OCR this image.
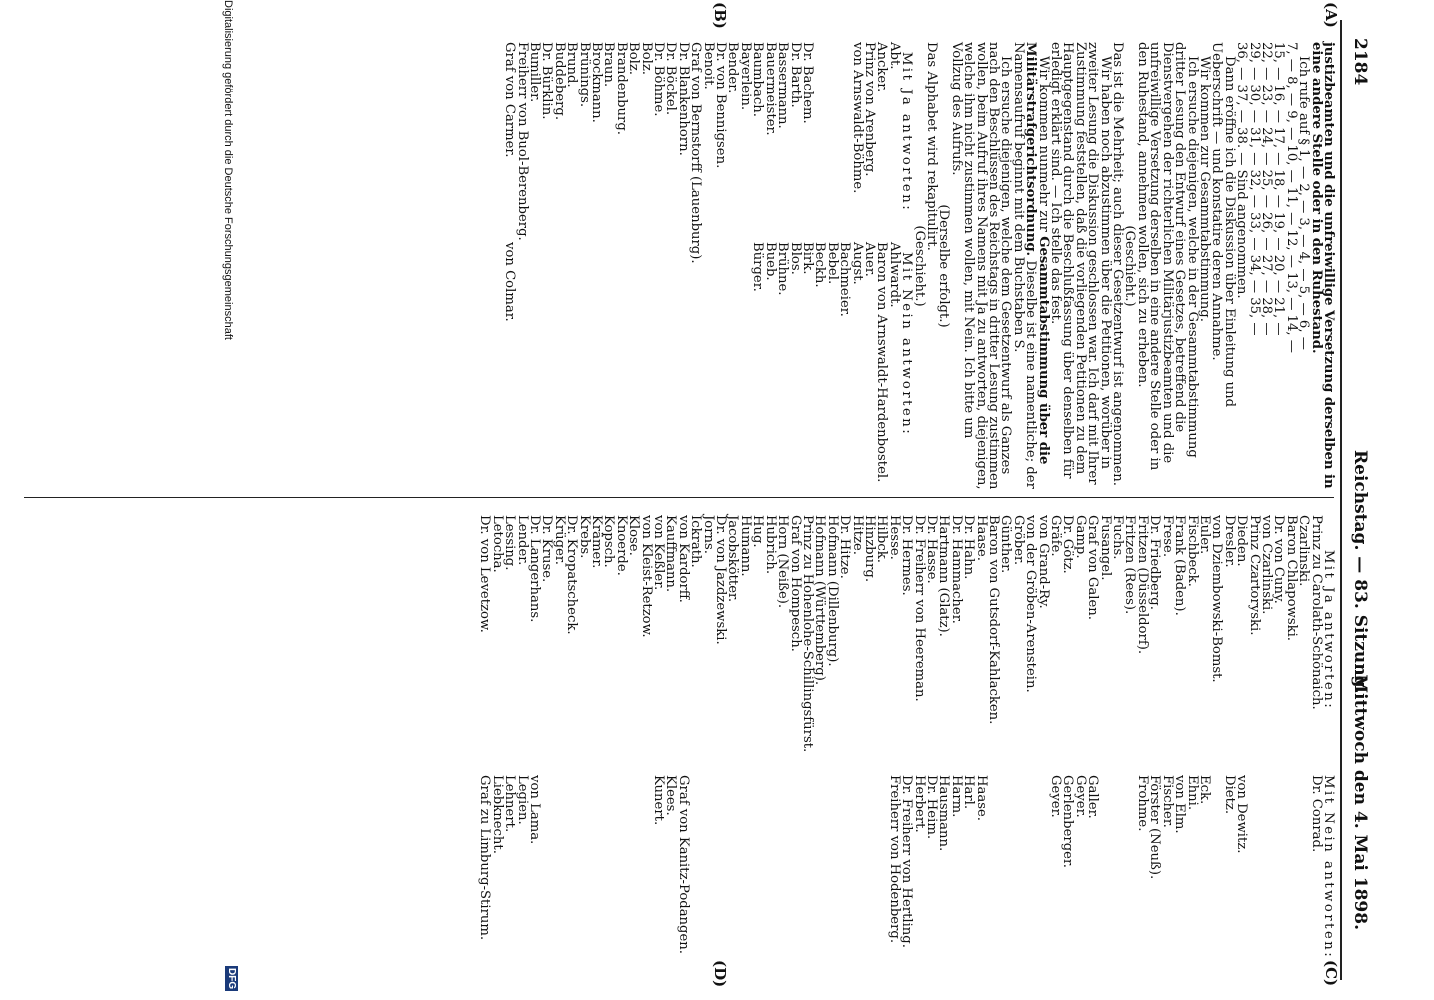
2184
Reichstag. — 83. Sitzung.
Mittwoch den 4. Mai 1898.
(A)
(B)
(C)
(D)

justizbeamten und die unfreiwillige Versetzung derselben in eine andere Stelle oder in den Ruhestand.

Ich rufe auf § 1, — 2, — 3, — 4, — 5, — 6, —

7, — 8, — 9, — 10, — 11, — 12, — 13, — 14, —

15, — 16, — 17, — 18, — 19, — 20, — 21, —

22, — 23, — 24, — 25, — 26, — 27, — 28, —

29, — 30, — 31, — 32, — 33, — 34, — 35, —

36, — 37, — 38. — Sind angenommen.

Dann eröffne ich die Diskussion über Einleitung und Ueberschrift — und konstatire deren Annahme.

Wir kommen zur Gesammtabstimmung.

Ich ersuche diejenigen, welche in der Gesammtabstimmung dritter Lesung den Entwurf eines Gesetzes, betreffend die Dienstvergehen der richterlichen Militärjustizbeamten und die unfreiwillige Versetzung derselben in eine andere Stelle oder in den Ruhestand, annehmen wollen, sich zu erheben.

(Geschieht.)

Das ist die Mehrheit; auch dieser Gesetzentwurf ist angenommen.

Wir haben noch abzustimmen über die Petitionen, worüber in zweiter Lesung die Diskussion geschlossen war. Ich darf mit Ihrer Zustimmung feststellen, daß die vorliegenden Petitionen zu dem Hauptgegenstand durch die Beschlußfassung über denselben für erledigt erklärt sind. — Ich stelle das fest.

Wir kommen nunmehr zur Gesammtabstimmung über die Militärstrafgerichtsordnung. Dieselbe ist eine namentliche; der Namensaufruf beginnt mit dem Buchstaben S.

Ich ersuche diejenigen, welche dem Gesetzentwurf als Ganzes nach den Beschlüssen des Reichstags in dritter Lesung zustimmen wollen, beim Aufruf ihres Namens mit Ja zu antworten, diejenigen, welche ihm nicht zustimmen wollen, mit Nein. Ich bitte um Vollzug des Aufrufs.

(Derselbe erfolgt.)

Das Alphabet wird rekapitulirt.

(Geschieht.)

Mit Ja antworten:
Mit Nein antworten:
Abt.
Ancker.
Prinz von Arenberg.
von Arnswaldt-Böhme.

Dr. Bachem.
Dr. Barth.
Bassermann.
Bauermeister.
Baumbach.
Bayerlein.
Bender.
Dr. von Bennigsen.
Benoit.
Graf von Bernstorff (Lauenburg).
Dr. Blankenhorn.
Dr. Böckel.
Dr. Böhme.
Bolz.
Bolz.
Brandenburg.
Braun.
Brockmann.
Brünings.
Brund.
Buddeberg.
Dr. Bürklin.
Bumiller.
Freiherr von Buol-Berenberg.
Graf von Carmer.
Ahlwardt.
Baron von Arnswaldt-Hardenbostel.
Auer.
Augst.
Bachmeier.
Bebel.
Beckh.
Birk.
Blos.
Brühne.
Bueb.
Bürger.

von Colmar.
Mit Ja antworten:
Mit Nein antworten:
Prinz zu Carolath-Schönaich.
Dr. Conrad.
Czarlinski.
Baron Chlapowski.
Dr. von Cuny.
von Czarlinski.
Prinz Czartoryski.
Dieden.
von Dewitz.
Dresler.
Dietz.
von Dziembowski-Bomst.
Euler.
Eck.
Fischbeck.
Ehni.
Frank (Baden).
von Elm.
Frese.
Fischer.
Dr. Friedberg.
Förster (Neuß).
Fritzen (Düsseldorf).
Frohme.
Fritzen (Rees).
Fuchs.
Fusangel.
Graf von Galen.
Galler.
Gamp.
Geyer.
Dr. Götz.
Gerlenberger.
Gräfe.
Geyer.
von Grand-Ry.
von der Gröben-Arenstein.
Gröber.
Günther.
Baron von Gutsdorf-Kahlacken.
Haase.
Haase.
Dr. Hahn.
Harl.
Dr. Hammacher.
Harm.
Hartmann (Glatz).
Hausmann.
Dr. Hasse.
Dr. Heim.
Dr. Freiherr von Heereman.
Herbert.
Dr. Hermes.
Dr. Freiherr von Hertling.
Hesse.
Freiherr von Hodenberg.
Hilbck.
Hinzburg.
Hitze.
Dr. Hitze.
Hofmann (Dillenburg).
Hofmann (Württemberg).
Prinz zu Hohenlohe-Schillingsfürst.
Graf von Hompesch.
Horn (Neiße).
Hubrich.
Hug.
Humann.
Jacobskötter.
Dr. von Jazdzewski.
Jorns.
Ickrath.
von Kardorff.
Graf von Kanitz-Podangen.
Kauffmann.
Klees.
von Keßler.
Kunert.
von Kleist-Retzow.
Klose.
Knoerde.
Kopsch.
Krämer.
Krebs.
Dr. Kropatscheck.
Krüger.
Dr. Kruse.
Dr. Langerhans.
von Lama.
Lender.
Legien.
Lessing.
Lehnert.
Letocha.
Liebknecht.
Dr. von Levetzow.
Graf zu Limburg-Stirum.
Digitalisierung gefördert durch die Deutsche Forschungsgemeinschaft
DFG
